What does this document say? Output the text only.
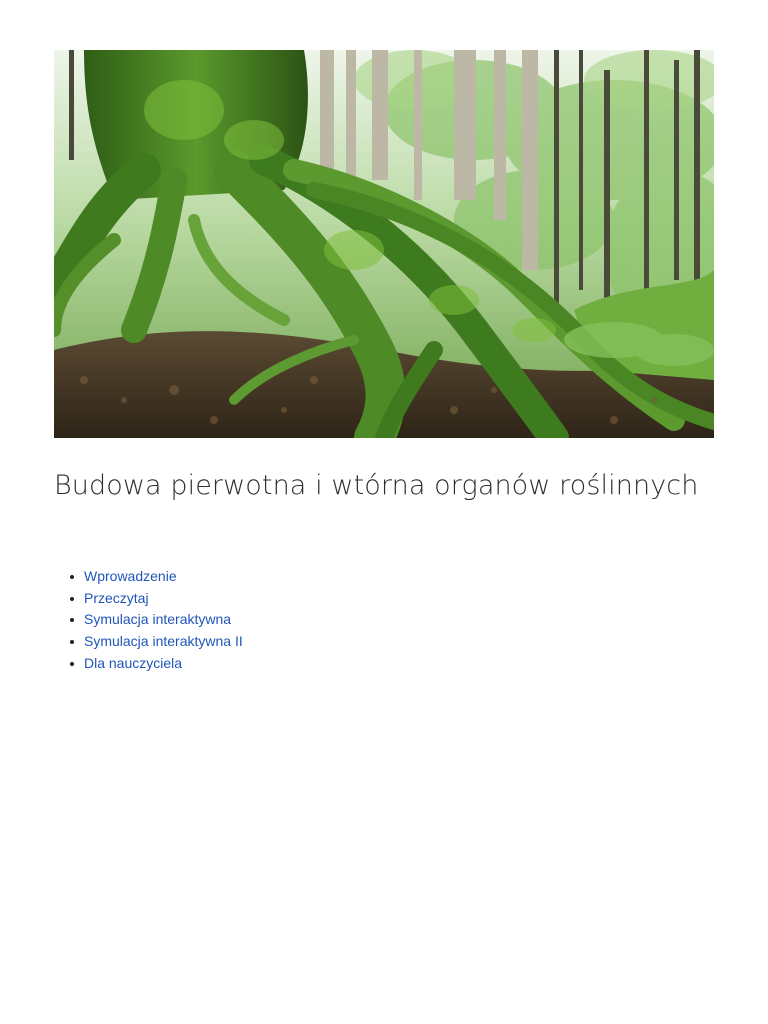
Budowa pierwotna i wtórna organów roślinnych
Wprowadzenie
Przeczytaj
Symulacja interaktywna
Symulacja interaktywna II
Dla nauczyciela
